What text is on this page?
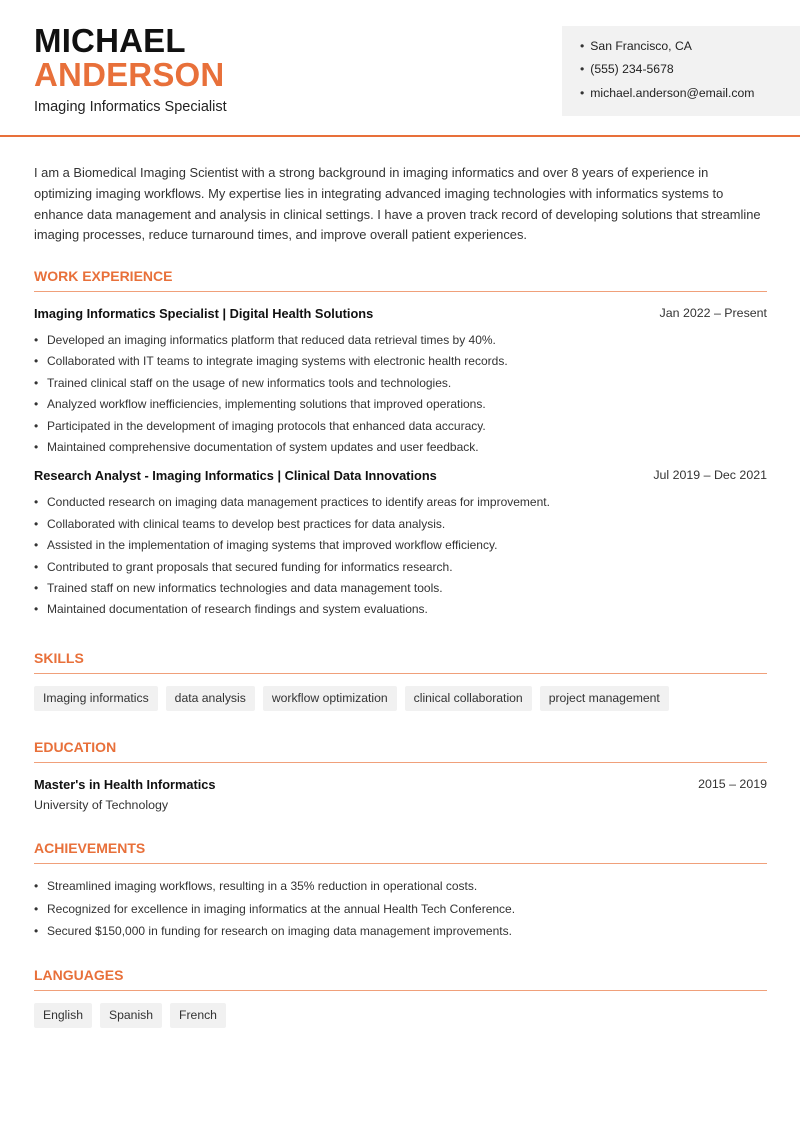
MICHAEL
ANDERSON
Imaging Informatics Specialist
• San Francisco, CA
• (555) 234-5678
• michael.anderson@email.com

I am a Biomedical Imaging Scientist with a strong background in imaging informatics and over 8 years of experience in optimizing imaging workflows. My expertise lies in integrating advanced imaging technologies with informatics systems to enhance data management and analysis in clinical settings. I have a proven track record of developing solutions that streamline imaging processes, reduce turnaround times, and improve overall patient experiences.

WORK EXPERIENCE
Imaging Informatics Specialist | Digital Health Solutions	Jan 2022 – Present
• Developed an imaging informatics platform that reduced data retrieval times by 40%.
• Collaborated with IT teams to integrate imaging systems with electronic health records.
• Trained clinical staff on the usage of new informatics tools and technologies.
• Analyzed workflow inefficiencies, implementing solutions that improved operations.
• Participated in the development of imaging protocols that enhanced data accuracy.
• Maintained comprehensive documentation of system updates and user feedback.
Research Analyst - Imaging Informatics | Clinical Data Innovations	Jul 2019 – Dec 2021
• Conducted research on imaging data management practices to identify areas for improvement.
• Collaborated with clinical teams to develop best practices for data analysis.
• Assisted in the implementation of imaging systems that improved workflow efficiency.
• Contributed to grant proposals that secured funding for informatics research.
• Trained staff on new informatics technologies and data management tools.
• Maintained documentation of research findings and system evaluations.
SKILLS
Imaging informatics	data analysis	workflow optimization	clinical collaboration	project management
EDUCATION
Master's in Health Informatics	2015 – 2019
University of Technology
ACHIEVEMENTS
• Streamlined imaging workflows, resulting in a 35% reduction in operational costs.
• Recognized for excellence in imaging informatics at the annual Health Tech Conference.
• Secured $150,000 in funding for research on imaging data management improvements.
LANGUAGES
English	Spanish	French
